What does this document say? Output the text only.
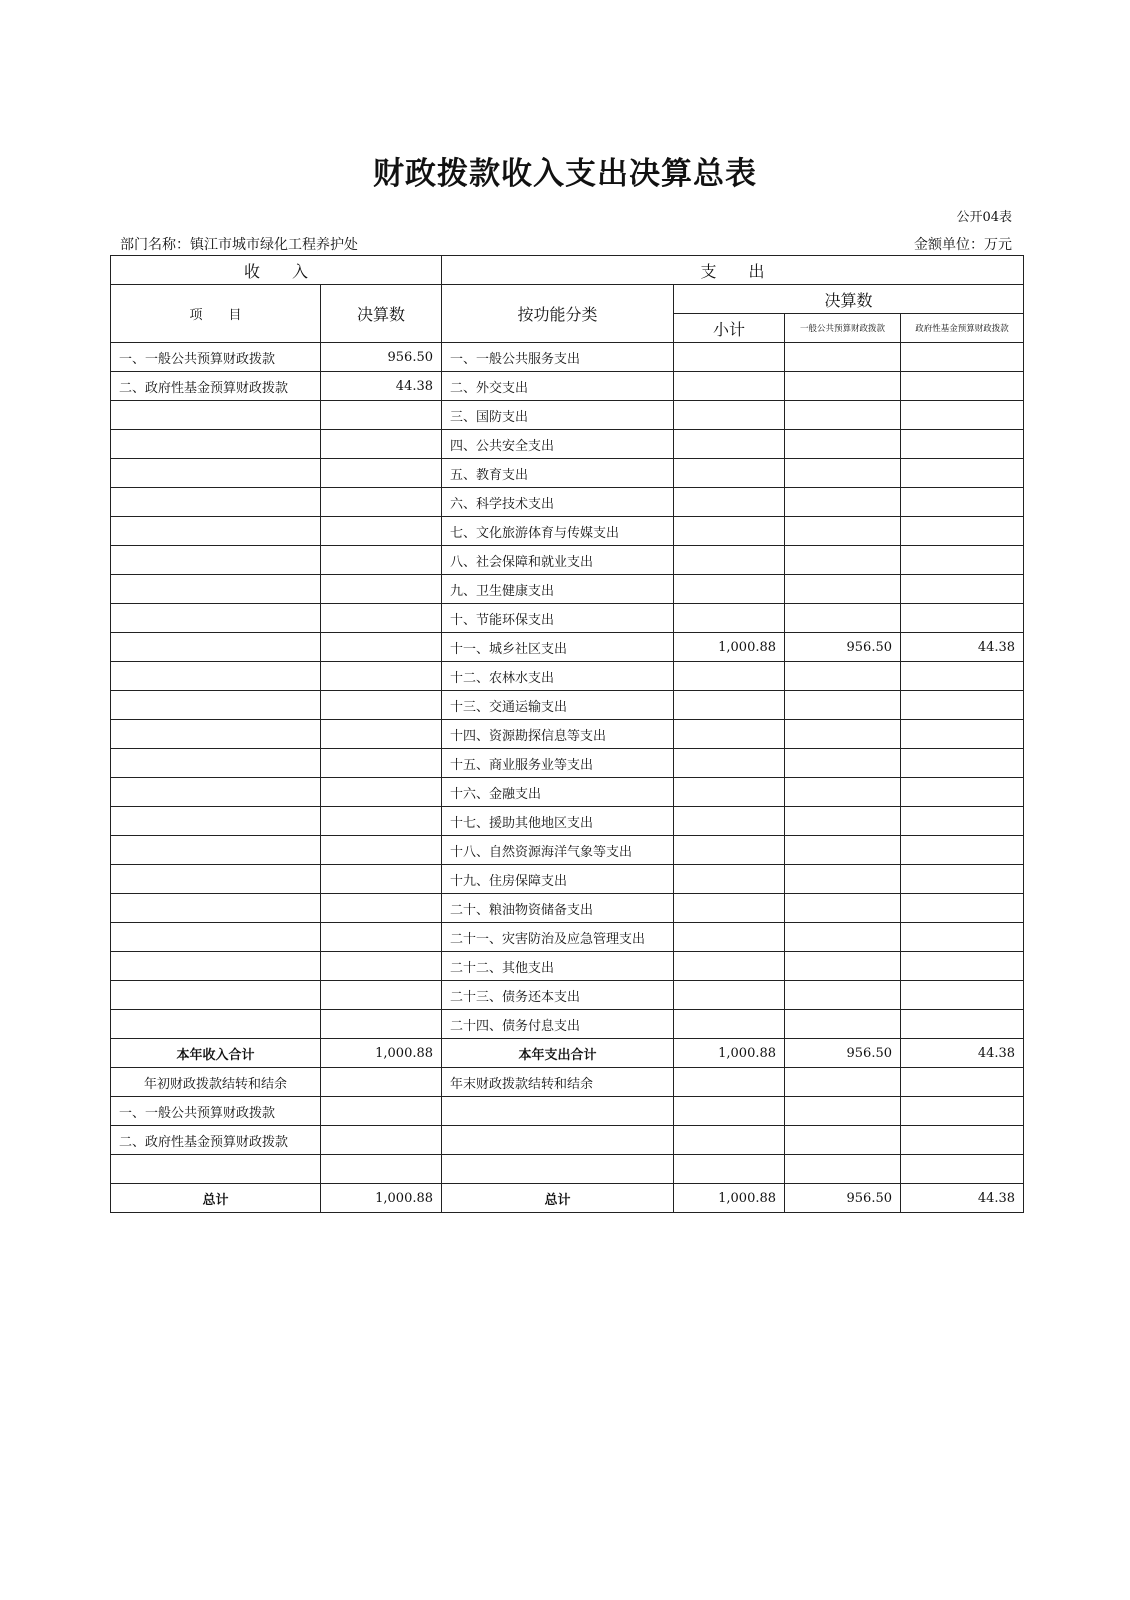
财政拨款收入支出决算总表
公开04表
部门名称：镇江市城市绿化工程养护处	金额单位：万元
收　　入		支　　出			
项　　目	决算数	按功能分类	决算数		
			小计	一般公共预算财政拨款	政府性基金预算财政拨款
一、一般公共预算财政拨款	956.50	一、一般公共服务支出			
二、政府性基金预算财政拨款	44.38	二、外交支出			
		三、国防支出			
		四、公共安全支出			
		五、教育支出			
		六、科学技术支出			
		七、文化旅游体育与传媒支出			
		八、社会保障和就业支出			
		九、卫生健康支出			
		十、节能环保支出			
		十一、城乡社区支出	1,000.88	956.50	44.38
		十二、农林水支出			
		十三、交通运输支出			
		十四、资源勘探信息等支出			
		十五、商业服务业等支出			
		十六、金融支出			
		十七、援助其他地区支出			
		十八、自然资源海洋气象等支出			
		十九、住房保障支出			
		二十、粮油物资储备支出			
		二十一、灾害防治及应急管理支出			
		二十二、其他支出			
		二十三、债务还本支出			
		二十四、债务付息支出			
本年收入合计	1,000.88	本年支出合计	1,000.88	956.50	44.38
年初财政拨款结转和结余		年末财政拨款结转和结余			
一、一般公共预算财政拨款					
二、政府性基金预算财政拨款					

总计	1,000.88	总计	1,000.88	956.50	44.38
